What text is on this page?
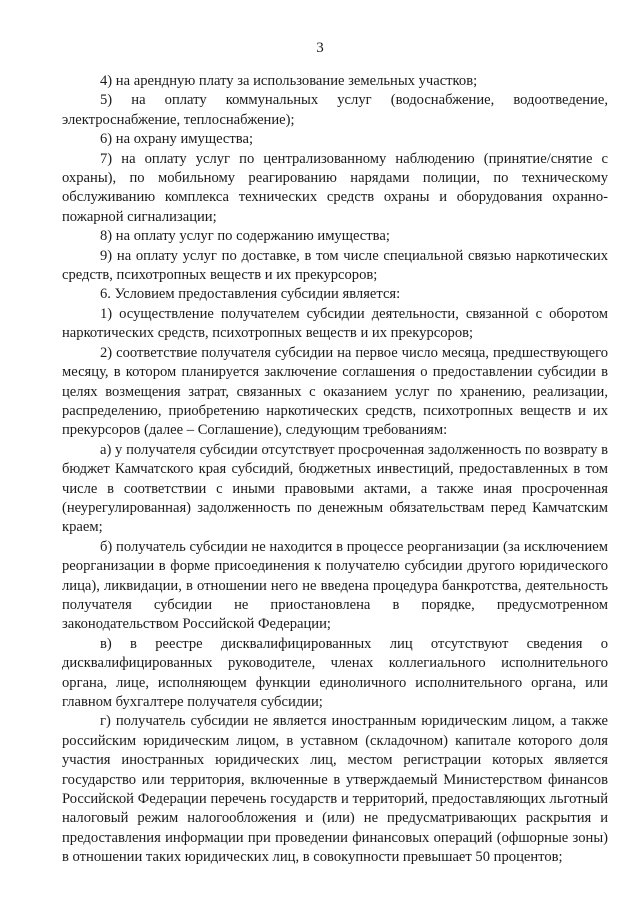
3

4) на арендную плату за использование земельных участков;

5) на оплату коммунальных услуг (водоснабжение, водоотведение, электроснабжение, теплоснабжение);

6) на охрану имущества;

7) на оплату услуг по централизованному наблюдению (принятие/снятие с охраны), по мобильному реагированию нарядами полиции, по техническому обслуживанию комплекса технических средств охраны и оборудования охранно-пожарной сигнализации;

8) на оплату услуг по содержанию имущества;

9) на оплату услуг по доставке, в том числе специальной связью наркотических средств, психотропных веществ и их прекурсоров;

6. Условием предоставления субсидии является:

1) осуществление получателем субсидии деятельности, связанной с оборотом наркотических средств, психотропных веществ и их прекурсоров;

2) соответствие получателя субсидии на первое число месяца, предшествующего месяцу, в котором планируется заключение соглашения о предоставлении субсидии в целях возмещения затрат, связанных с оказанием услуг по хранению, реализации, распределению, приобретению наркотических средств, психотропных веществ и их прекурсоров (далее – Соглашение), следующим требованиям:

а) у получателя субсидии отсутствует просроченная задолженность по возврату в бюджет Камчатского края субсидий, бюджетных инвестиций, предоставленных в том числе в соответствии с иными правовыми актами, а также иная просроченная (неурегулированная) задолженность по денежным обязательствам перед Камчатским краем;

б) получатель субсидии не находится в процессе реорганизации (за исключением реорганизации в форме присоединения к получателю субсидии другого юридического лица), ликвидации, в отношении него не введена процедура банкротства, деятельность получателя субсидии не приостановлена в порядке, предусмотренном законодательством Российской Федерации;

в) в реестре дисквалифицированных лиц отсутствуют сведения о дисквалифицированных руководителе, членах коллегиального исполнительного органа, лице, исполняющем функции единоличного исполнительного органа, или главном бухгалтере получателя субсидии;

г) получатель субсидии не является иностранным юридическим лицом, а также российским юридическим лицом, в уставном (складочном) капитале которого доля участия иностранных юридических лиц, местом регистрации которых является государство или территория, включенные в утверждаемый Министерством финансов Российской Федерации перечень государств и территорий, предоставляющих льготный налоговый режим налогообложения и (или) не предусматривающих раскрытия и предоставления информации при проведении финансовых операций (офшорные зоны) в отношении таких юридических лиц, в совокупности превышает 50 процентов;
